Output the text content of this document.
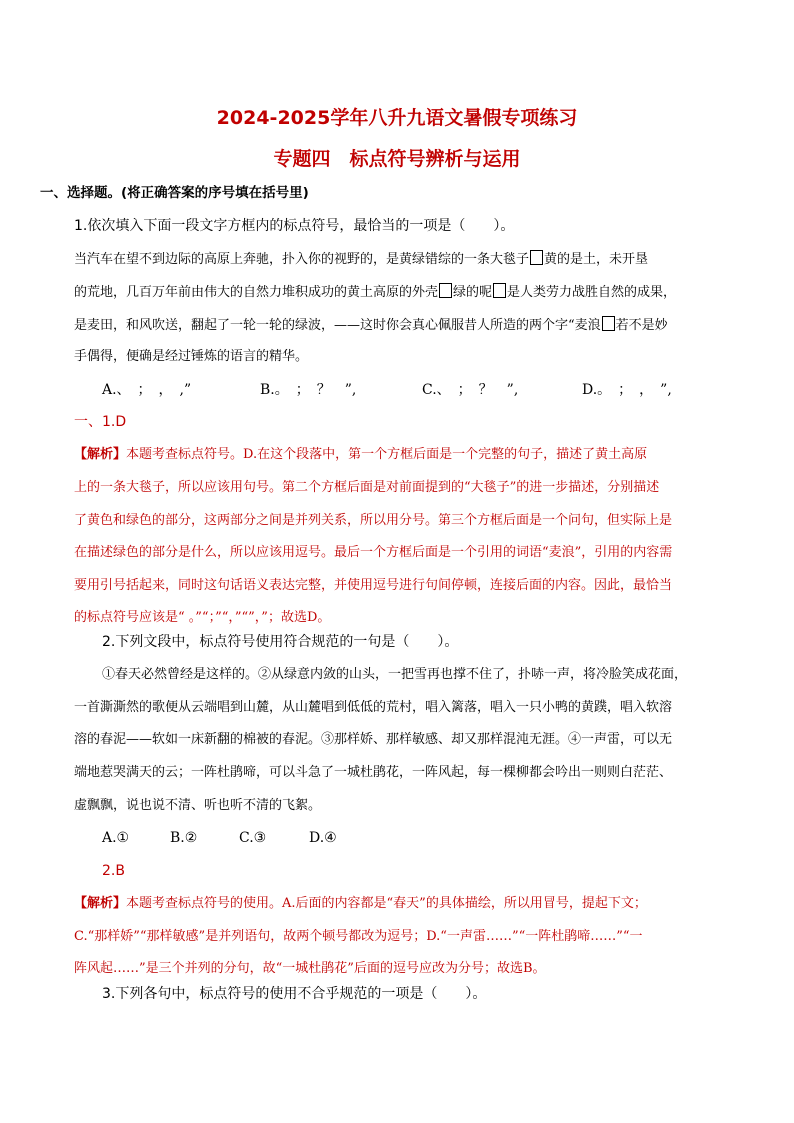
2024-2025学年八升九语文暑假专项练习
专题四　标点符号辨析与运用
一、选择题。(将正确答案的序号填在括号里)
1.依次填入下面一段文字方框内的标点符号，最恰当的一项是（　　）。
当汽车在望不到边际的高原上奔驰，扑入你的视野的，是黄绿错综的一条大毯子 黄的是土，未开垦
的荒地，几百万年前由伟大的自然力堆积成功的黄土高原的外壳 绿的呢 是人类劳力战胜自然的成果，
是麦田，和风吹送，翻起了一轮一轮的绿波，——这时你会真心佩服昔人所造的两个字“麦浪 若不是妙
手偶得，便确是经过锤炼的语言的精华。
A.、　；　，　,”	B.。　；　？　”,	C.、　；　？　”,	D.。　；　，　”,
一、1.D
【解析】本题考查标点符号。D.在这个段落中，第一个方框后面是一个完整的句子，描述了黄土高原
上的一条大毯子，所以应该用句号。第二个方框后面是对前面提到的“大毯子”的进一步描述，分别描述
了黄色和绿色的部分，这两部分之间是并列关系，所以用分号。第三个方框后面是一个问句，但实际上是
在描述绿色的部分是什么，所以应该用逗号。最后一个方框后面是一个引用的词语“麦浪”，引用的内容需
要用引号括起来，同时这句话语义表达完整，并使用逗号进行句间停顿，连接后面的内容。因此，最恰当
的标点符号应该是“ 。”“；”“，”“”，”；故选D。
2.下列文段中，标点符号使用符合规范的一句是（　　）。
①春天必然曾经是这样的。②从绿意内敛的山头，一把雪再也撑不住了，扑哧一声，将冷脸笑成花面，
一首澌澌然的歌便从云端唱到山麓，从山麓唱到低低的荒村，唱入篱落，唱入一只小鸭的黄蹼，唱入软溶
溶的春泥——软如一床新翻的棉被的春泥。③那样娇、那样敏感、却又那样混沌无涯。④一声雷，可以无
端地惹哭满天的云；一阵杜鹃啼，可以斗急了一城杜鹃花，一阵风起，每一棵柳都会吟出一则则白茫茫、
虚飘飘，说也说不清、听也听不清的飞絮。
A.①	B.②	C.③	D.④
2.B
【解析】本题考查标点符号的使用。A.后面的内容都是“春天”的具体描绘，所以用冒号，提起下文；
C.“那样娇”“那样敏感”是并列语句，故两个顿号都改为逗号；D.“一声雷……”“一阵杜鹃啼……”“一
阵风起……”是三个并列的分句，故“一城杜鹃花”后面的逗号应改为分号；故选B。
3.下列各句中，标点符号的使用不合乎规范的一项是（　　）。
